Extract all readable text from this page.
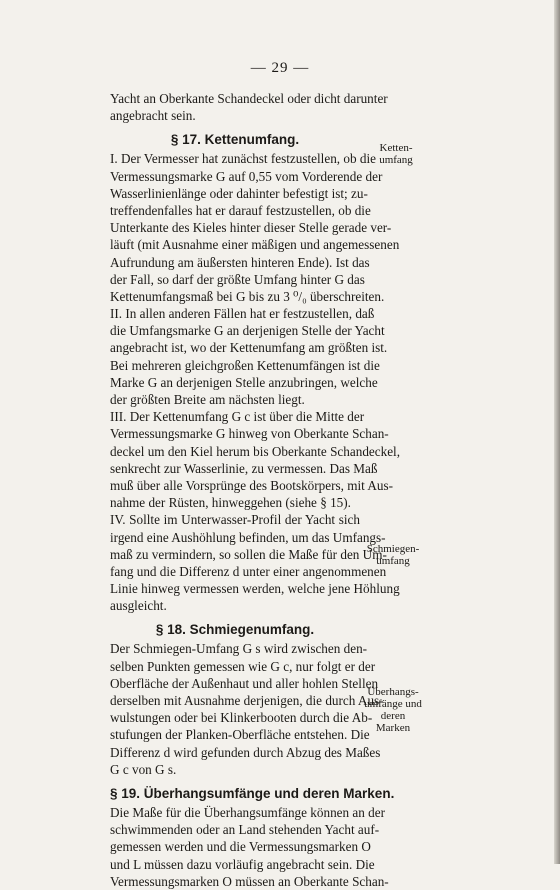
— 29 —
Yacht an Oberkante Schandeckel oder dicht darunter
angebracht sein.
§ 17. Kettenumfang.
I. Der Vermesser hat zunächst festzustellen, ob die
Vermessungsmarke G auf 0,55 vom Vorderende der
Wasserlinienlänge oder dahinter befestigt ist; zu-
treffendenfalles hat er darauf festzustellen, ob die
Unterkante des Kieles hinter dieser Stelle gerade ver-
läuft (mit Ausnahme einer mäßigen und angemessenen
Aufrundung am äußersten hinteren Ende). Ist das
der Fall, so darf der größte Umfang hinter G das
Kettenumfangsmaß bei G bis zu 3 ⁰/₀ überschreiten.
II. In allen anderen Fällen hat er festzustellen, daß
die Umfangsmarke G an derjenigen Stelle der Yacht
angebracht ist, wo der Kettenumfang am größten ist.
Bei mehreren gleichgroßen Kettenumfängen ist die
Marke G an derjenigen Stelle anzubringen, welche
der größten Breite am nächsten liegt.
III. Der Kettenumfang G c ist über die Mitte der
Vermessungsmarke G hinweg von Oberkante Schan-
deckel um den Kiel herum bis Oberkante Schandeckel,
senkrecht zur Wasserlinie, zu vermessen. Das Maß
muß über alle Vorsprünge des Bootskörpers, mit Aus-
nahme der Rüsten, hinweggehen (siehe § 15).
IV. Sollte im Unterwasser-Profil der Yacht sich
irgend eine Aushöhlung befinden, um das Umfangs-
maß zu vermindern, so sollen die Maße für den Um-
fang und die Differenz d unter einer angenommenen
Linie hinweg vermessen werden, welche jene Höhlung
ausgleicht.
§ 18. Schmiegenumfang.
Der Schmiegen-Umfang G s wird zwischen den-
selben Punkten gemessen wie G c, nur folgt er der
Oberfläche der Außenhaut und aller hohlen Stellen
derselben mit Ausnahme derjenigen, die durch Aus-
wulstungen oder bei Klinkerbooten durch die Ab-
stufungen der Planken-Oberfläche entstehen. Die
Differenz d wird gefunden durch Abzug des Maßes
G c von G s.
§ 19. Überhangsumfänge und deren Marken.
Die Maße für die Überhangsumfänge können an der
schwimmenden oder an Land stehenden Yacht auf-
gemessen werden und die Vermessungsmarken O
und L müssen dazu vorläufig angebracht sein. Die
Vermessungsmarken O müssen an Oberkante Schan-
Ketten-
umfang
Schmiegen-
umfang
Überhangs-
umfänge und
deren
Marken
